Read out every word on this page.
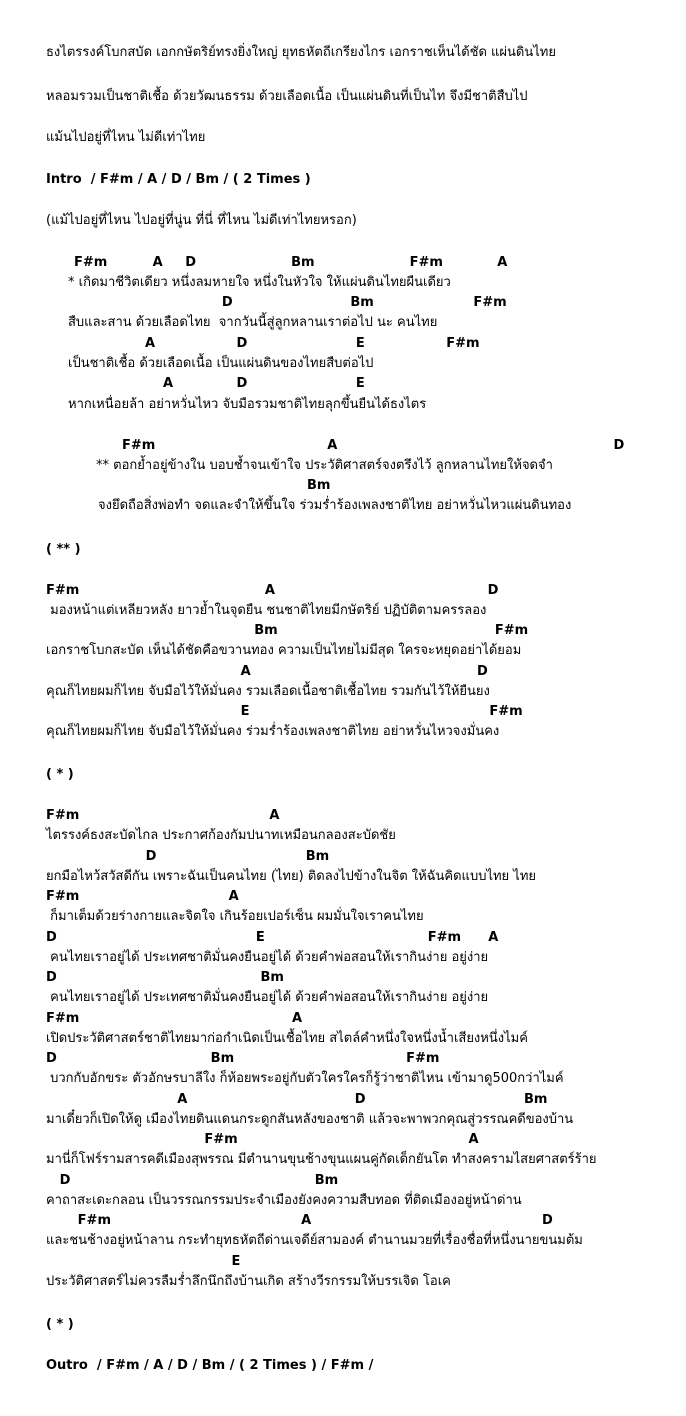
ธงไตรรงค์โบกสบัด เอกกษัตริย์ทรงยิ่งใหญ่ ยุทธหัตถีเกรียงไกร เอกราชเห็นได้ชัด แผ่นดินไทย

หลอมรวมเป็นชาติเชื้อ ด้วยวัฒนธรรม ด้วยเลือดเนื้อ เป็นแผ่นดินที่เป็นไท จึงมีชาติสืบไป

แม้นไปอยู่ที่ไหน ไม่ดีเท่าไทย

Intro  / F#m / A / D / Bm / ( 2 Times )

(แม้ไปอยู่ที่ไหน ไปอยู่ที่นู่น ที่นี่ ที่ไหน ไม่ดีเท่าไทยหรอก)

F#m          A     D                     Bm                     F#m            A

* เกิดมาชีวิตเดียว หนึ่งลมหายใจ หนึ่งในหัวใจ ให้แผ่นดินไทยผืนเดียว

D                          Bm                      F#m

สืบและสาน ด้วยเลือดไทย  จากวันนี้สู่ลูกหลานเราต่อไป นะ คนไทย

A                  D                        E                  F#m

เป็นชาติเชื้อ ด้วยเลือดเนื้อ เป็นแผ่นดินของไทยสืบต่อไป

A              D                        E

หากเหนื่อยล้า อย่าหวั่นไหว จับมือรวมชาติไทยลุกขึ้นยืนได้ธงไตร

F#m                                      A                                                             D

** ตอกย้ำอยู่ข้างใน บอบช้ำจนเข้าใจ ประวัติศาสตร์จงตรึงไว้ ลูกหลานไทยให้จดจำ

Bm

จงยึดถือสิ่งพ่อทำ จดและจำให้ขึ้นใจ ร่วมร่ำร้องเพลงชาติไทย อย่าหวั่นไหวแผ่นดินทอง

( ** )

F#m                                         A                                               D

มองหน้าแต่เหลียวหลัง ยาวย้ำในจุดยืน ชนชาติไทยมีกษัตริย์ ปฏิบัติตามครรลอง

Bm                                                F#m

เอกราชโบกสะบัด เห็นได้ชัดคือขวานทอง ความเป็นไทยไม่มีสุด ใครจะหยุดอย่าได้ยอม

A                                                  D

คุณก็ไทยผมก็ไทย จับมือไว้ให้มั่นคง รวมเลือดเนื้อชาติเชื้อไทย รวมกันไว้ให้ยืนยง

E                                                     F#m

คุณก็ไทยผมก็ไทย จับมือไว้ให้มั่นคง ร่วมร่ำร้องเพลงชาติไทย อย่าหวั่นไหวจงมั่นคง

( * )

F#m                                          A

ไตรรงค์ธงสะบัดไกล ประกาศก้องกัมปนาทเหมือนกลองสะบัดชัย

D                                 Bm

ยกมือไหว้สวัสดีกัน เพราะฉันเป็นคนไทย (ไทย) ติดลงไปข้างในจิต ให้ฉันคิดแบบไทย ไทย

F#m                                 A

ก็มาเต็มด้วยร่างกายและจิตใจ เกินร้อยเปอร์เซ็น ผมมั่นใจเราคนไทย

D                                            E                                    F#m      A

คนไทยเราอยู่ได้ ประเทศชาติมั่นคงยืนอยู่ได้ ด้วยคำพ่อสอนให้เรากินง่าย อยู่ง่าย

D                                             Bm

คนไทยเราอยู่ได้ ประเทศชาติมั่นคงยืนอยู่ได้ ด้วยคำพ่อสอนให้เรากินง่าย อยู่ง่าย

F#m                                               A

เปิดประวัติศาสตร์ชาติไทยมาก่อกำเนิดเป็นเชื้อไทย สไตล์คำหนึ่งใจหนึ่งน้ำเสียงหนึ่งไมค์

D                                  Bm                                      F#m

บวกกับอักขระ ตัวอักษรบาลีใง ก็ห้อยพระอยู่กับตัวใครใครก็รู้ว่าชาติไหน เข้ามาดู500กว่าไมค์

A                                     D                                   Bm

มาเดี๋ยวก็เปิดให้ดู เมืองไทยดินแดนกระดูกสันหลังของชาติ แล้วจะพาพวกคุณสู่วรรณคดีของบ้าน

F#m                                                   A

มานี่ก็โฟร์รามสารคดีเมืองสุพรรณ มีตำนานขุนช้างขุนแผนคู่กัดเด็กยันโต ทำสงครามไสยศาสตร์ร้าย

D                                                      Bm

คาถาสะเดะกลอน เป็นวรรณกรรมประจำเมืองยังคงความสืบทอด ที่ติดเมืองอยู่หน้าด่าน

F#m                                          A                                                   D

และชนช้างอยู่หน้าลาน กระทำยุทธหัตถีด่านเจดีย์สามองค์ ตำนานมวยที่เรื่องชื่อที่หนึ่งนายขนมต้ม

E

ประวัติศาสตร์ไม่ควรลืมร่ำลึกนึกถึงบ้านเกิด สร้างวีรกรรมให้บรรเจิด โอเค

( * )

Outro  / F#m / A / D / Bm / ( 2 Times ) / F#m /
